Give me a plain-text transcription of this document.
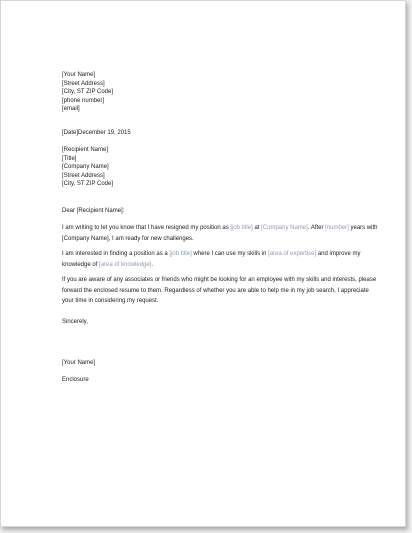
[Your Name]
[Street Address]
[City, ST ZIP Code]
[phone number]
[email]
[Date]December 19, 2015
[Recipient Name]
[Title]
[Company Name]
[Street Address]
[City, ST ZIP Code]
Dear [Recipient Name]:
I am writing to let you know that I have resigned my position as [job title] at [Company Name]. After [number] years with [Company Name], I am ready for new challenges.
I am interested in finding a position as a [job title] where I can use my skills in [area of expertise] and improve my knowledge of [area of knowledge].
If you are aware of any associates or friends who might be looking for an employee with my skills and interests, please forward the enclosed resume to them. Regardless of whether you are able to help me in my job search, I appreciate your time in considering my request.
Sincerely,
[Your Name]
Enclosure
